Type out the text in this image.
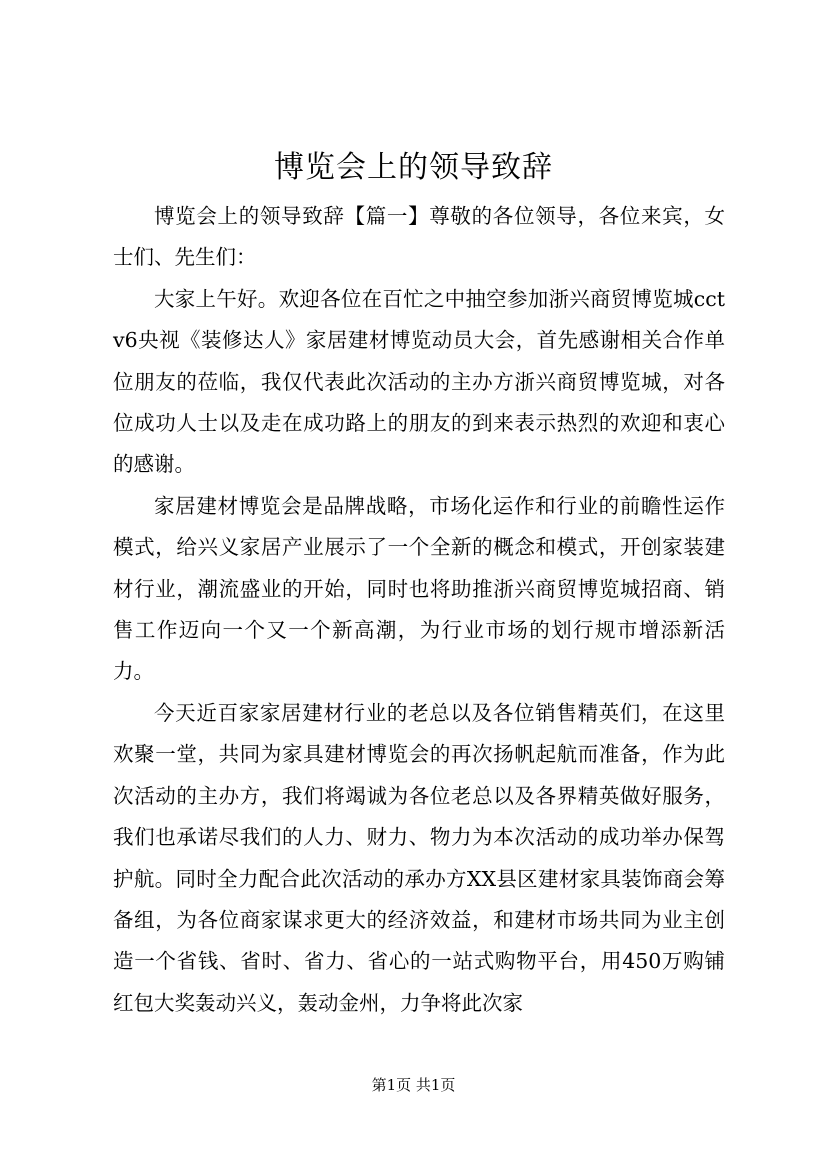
博览会上的领导致辞

博览会上的领导致辞【篇一】尊敬的各位领导，各位来宾，女士们、先生们：

大家上午好。欢迎各位在百忙之中抽空参加浙兴商贸博览城cctv6央视《装修达人》家居建材博览动员大会，首先感谢相关合作单位朋友的莅临，我仅代表此次活动的主办方浙兴商贸博览城，对各位成功人士以及走在成功路上的朋友的到来表示热烈的欢迎和衷心的感谢。

家居建材博览会是品牌战略，市场化运作和行业的前瞻性运作模式，给兴义家居产业展示了一个全新的概念和模式，开创家装建材行业，潮流盛业的开始，同时也将助推浙兴商贸博览城招商、销售工作迈向一个又一个新高潮，为行业市场的划行规市增添新活力。

今天近百家家居建材行业的老总以及各位销售精英们，在这里欢聚一堂，共同为家具建材博览会的再次扬帆起航而准备，作为此次活动的主办方，我们将竭诚为各位老总以及各界精英做好服务，我们也承诺尽我们的人力、财力、物力为本次活动的成功举办保驾护航。同时全力配合此次活动的承办方XX县区建材家具装饰商会筹备组，为各位商家谋求更大的经济效益，和建材市场共同为业主创造一个省钱、省时、省力、省心的一站式购物平台，用450万购铺红包大奖轰动兴义，轰动金州，力争将此次家

第1页 共1页
